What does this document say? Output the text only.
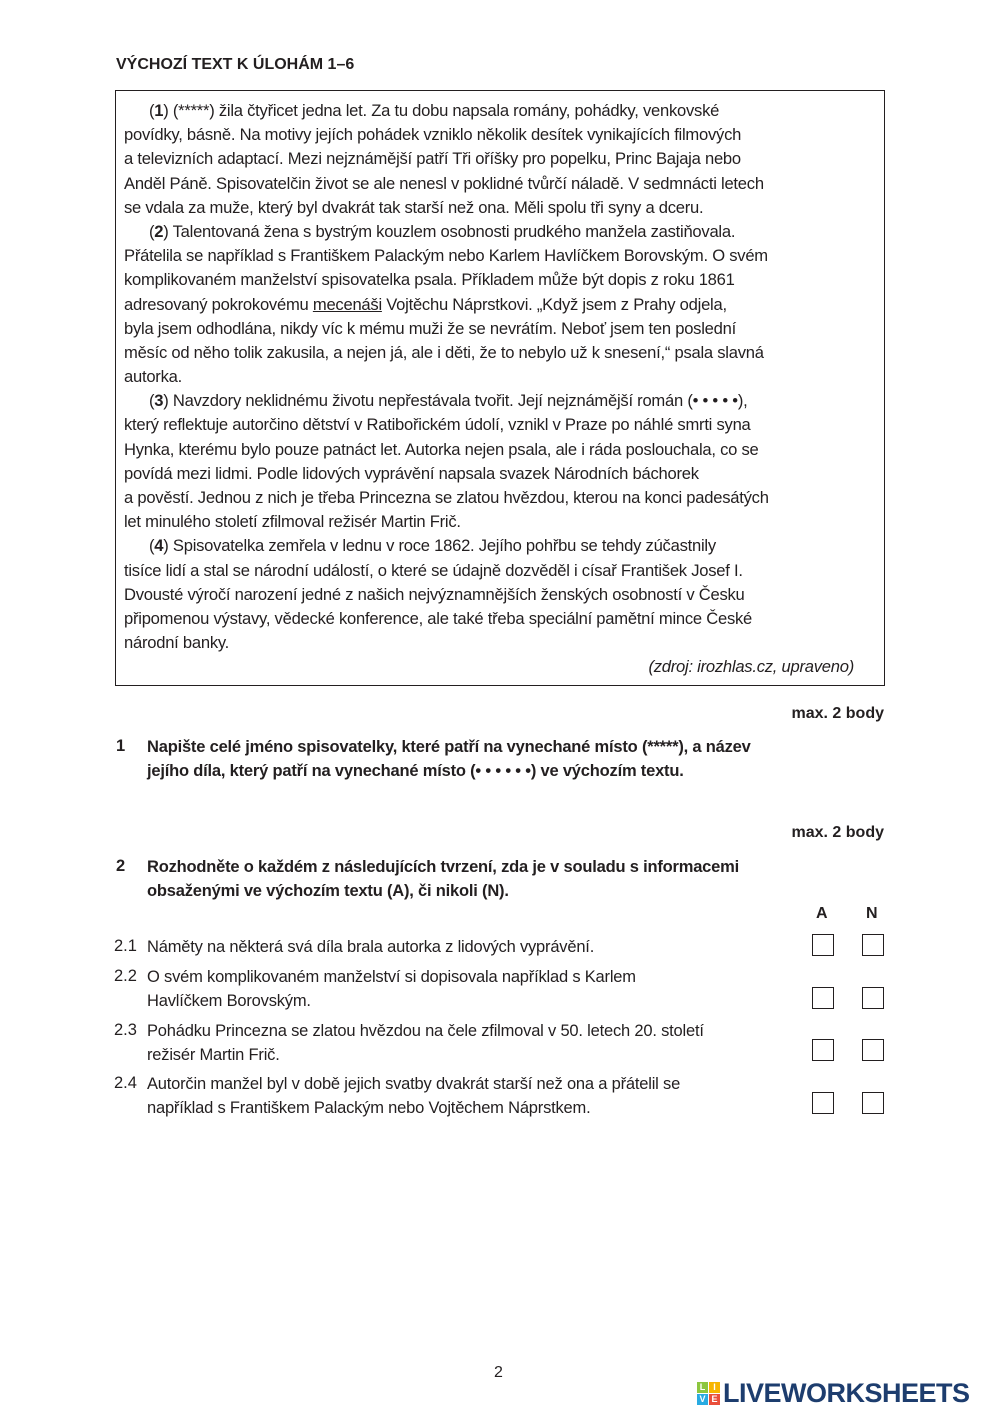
VÝCHOZÍ TEXT K ÚLOHÁM 1–6
(1) (*****) žila čtyřicet jedna let. Za tu dobu napsala romány, pohádky, venkovské
povídky, básně. Na motivy jejích pohádek vzniklo několik desítek vynikajících filmových
a televizních adaptací. Mezi nejznámější patří Tři oříšky pro popelku, Princ Bajaja nebo
Anděl Páně. Spisovatelčin život se ale nenesl v poklidné tvůrčí náladě. V sedmnácti letech
se vdala za muže, který byl dvakrát tak starší než ona. Měli spolu tři syny a dceru.
(2) Talentovaná žena s bystrým kouzlem osobnosti prudkého manžela zastiňovala.
Přátelila se například s Františkem Palackým nebo Karlem Havlíčkem Borovským. O svém
komplikovaném manželství spisovatelka psala. Příkladem může být dopis z roku 1861
adresovaný pokrokovému mecenáši Vojtěchu Náprstkovi. „Když jsem z Prahy odjela,
byla jsem odhodlána, nikdy víc k mému muži že se nevrátím. Neboť jsem ten poslední
měsíc od něho tolik zakusila, a nejen já, ale i děti, že to nebylo už k snesení,“ psala slavná
autorka.
(3) Navzdory neklidnému životu nepřestávala tvořit. Její nejznámější román (• • • • •),
který reflektuje autorčino dětství v Ratibořickém údolí, vznikl v Praze po náhlé smrti syna
Hynka, kterému bylo pouze patnáct let. Autorka nejen psala, ale i ráda poslouchala, co se
povídá mezi lidmi. Podle lidových vyprávění napsala svazek Národních báchorek
a pověstí. Jednou z nich je třeba Princezna se zlatou hvězdou, kterou na konci padesátých
let minulého století zfilmoval režisér Martin Frič.
(4) Spisovatelka zemřela v lednu v roce 1862. Jejího pohřbu se tehdy zúčastnily
tisíce lidí a stal se národní událostí, o které se údajně dozvěděl i císař František Josef I.
Dvousté výročí narození jedné z našich nejvýznamnějších ženských osobností v Česku
připomenou výstavy, vědecké konference, ale také třeba speciální pamětní mince České
národní banky.
(zdroj: irozhlas.cz, upraveno)
max. 2 body
1 Napište celé jméno spisovatelky, které patří na vynechané místo (*****), a název
jejího díla, který patří na vynechané místo (• • • • • •) ve výchozím textu.
max. 2 body
2 Rozhodněte o každém z následujících tvrzení, zda je v souladu s informacemi
obsaženými ve výchozím textu (A), či nikoli (N).
A N
2.1 Náměty na některá svá díla brala autorka z lidových vyprávění.
2.2 O svém komplikovaném manželství si dopisovala například s Karlem
Havlíčkem Borovským.
2.3 Pohádku Princezna se zlatou hvězdou na čele zfilmoval v 50. letech 20. století
režisér Martin Frič.
2.4 Autorčin manžel byl v době jejich svatby dvakrát starší než ona a přátelil se
například s Františkem Palackým nebo Vojtěchem Náprstkem.
2
L I
V E LIVEWORKSHEETS
